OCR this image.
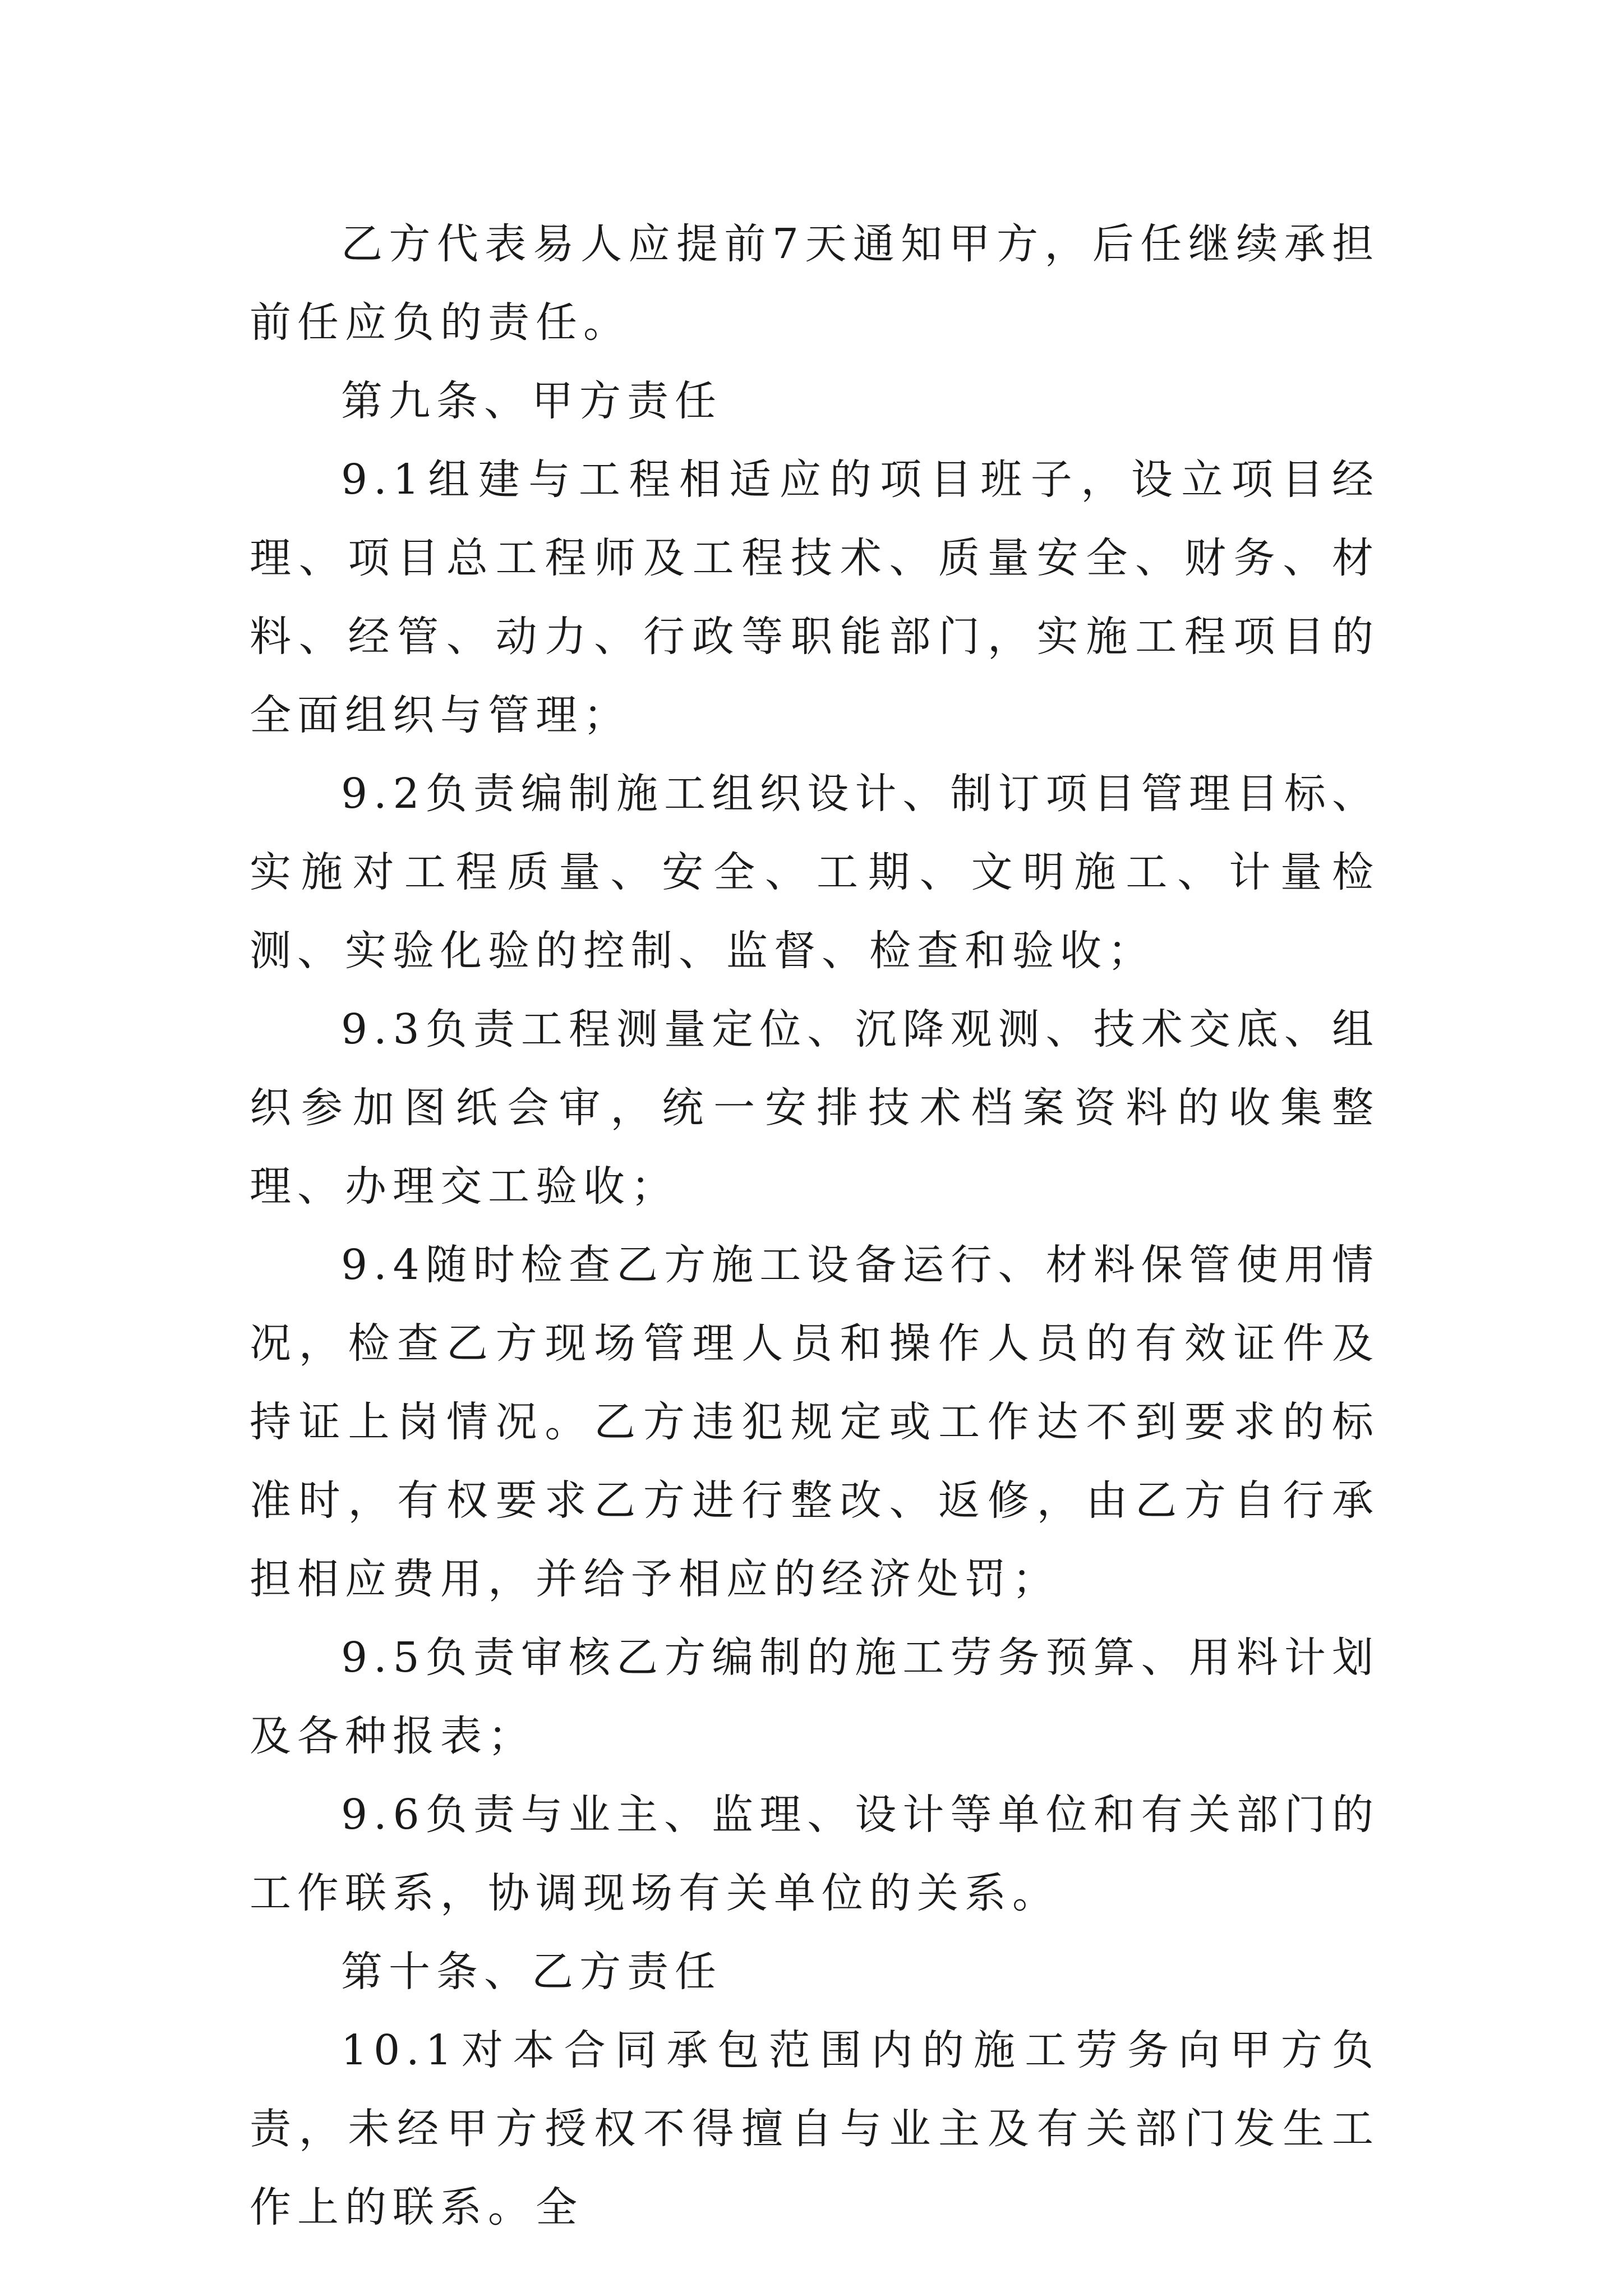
乙方代表易人应提前7天通知甲方，后任继续承担前任应负的责任。

第九条、甲方责任

9.1组建与工程相适应的项目班子，设立项目经理、项目总工程师及工程技术、质量安全、财务、材料、经管、动力、行政等职能部门，实施工程项目的全面组织与管理；

9.2负责编制施工组织设计、制订项目管理目标、实施对工程质量、安全、工期、文明施工、计量检测、实验化验的控制、监督、检查和验收；

9.3负责工程测量定位、沉降观测、技术交底、组织参加图纸会审，统一安排技术档案资料的收集整理、办理交工验收；

9.4随时检查乙方施工设备运行、材料保管使用情况，检查乙方现场管理人员和操作人员的有效证件及持证上岗情况。乙方违犯规定或工作达不到要求的标准时，有权要求乙方进行整改、返修，由乙方自行承担相应费用，并给予相应的经济处罚；

9.5负责审核乙方编制的施工劳务预算、用料计划及各种报表；

9.6负责与业主、监理、设计等单位和有关部门的工作联系，协调现场有关单位的关系。

第十条、乙方责任

10.1对本合同承包范围内的施工劳务向甲方负责，未经甲方授权不得擅自与业主及有关部门发生工作上的联系。全
